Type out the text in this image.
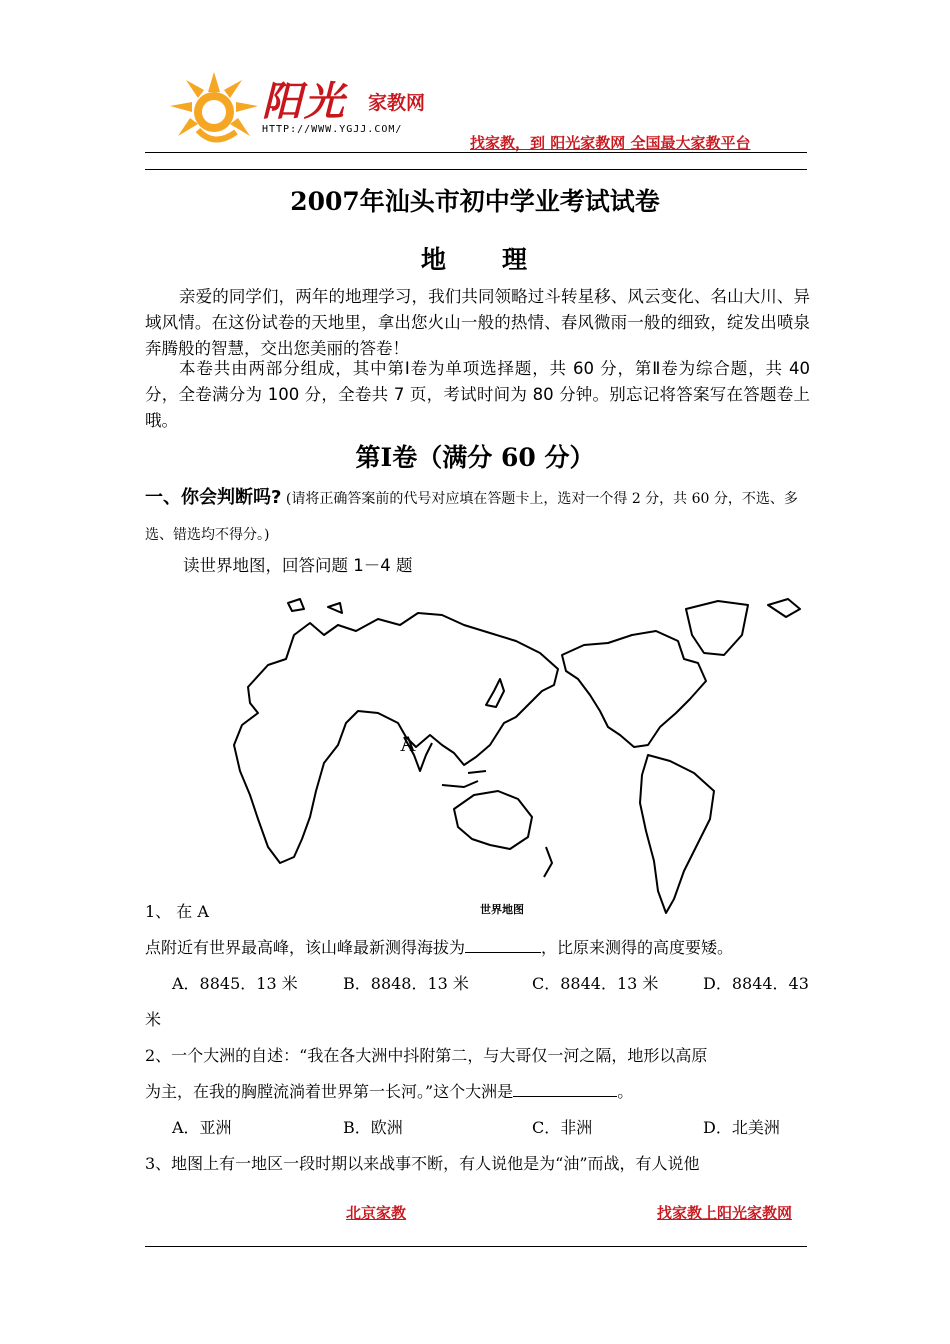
阳光 家教网
HTTP://WWW.YGJJ.COM/
找家教，到 阳光家教网 全国最大家教平台
2007年汕头市初中学业考试试卷
地　　理
亲爱的同学们，两年的地理学习，我们共同领略过斗转星移、风云变化、名山大川、异域风情。在这份试卷的天地里，拿出您火山一般的热情、春风微雨一般的细致，绽发出喷泉奔腾般的智慧，交出您美丽的答卷！
本卷共由两部分组成，其中第Ⅰ卷为单项选择题，共 60 分，第Ⅱ卷为综合题，共 40 分，全卷满分为 100 分，全卷共 7 页，考试时间为 80 分钟。别忘记将答案写在答题卷上哦。
第Ⅰ卷（满分 60 分）
一、你会判断吗? (请将正确答案前的代号对应填在答题卡上，选对一个得 2 分，共 60 分，不选、多选、错选均不得分。)
读世界地图，回答问题 1－4 题
A
世界地图
1、 在 A
点附近有世界最高峰，该山峰最新测得海拔为	，比原来测得的高度要矮。
A．8845．13 米	B．8848．13 米	C．8844．13 米	D．8844．43
米
2、一个大洲的自述：“我在各大洲中抖附第二，与大哥仅一河之隔，地形以高原
为主，在我的胸膛流淌着世界第一长河。”这个大洲是	。
A．亚洲	B．欧洲	C．非洲	D．北美洲
3、地图上有一地区一段时期以来战事不断，有人说他是为“油”而战，有人说他
北京家教	找家教上阳光家教网
